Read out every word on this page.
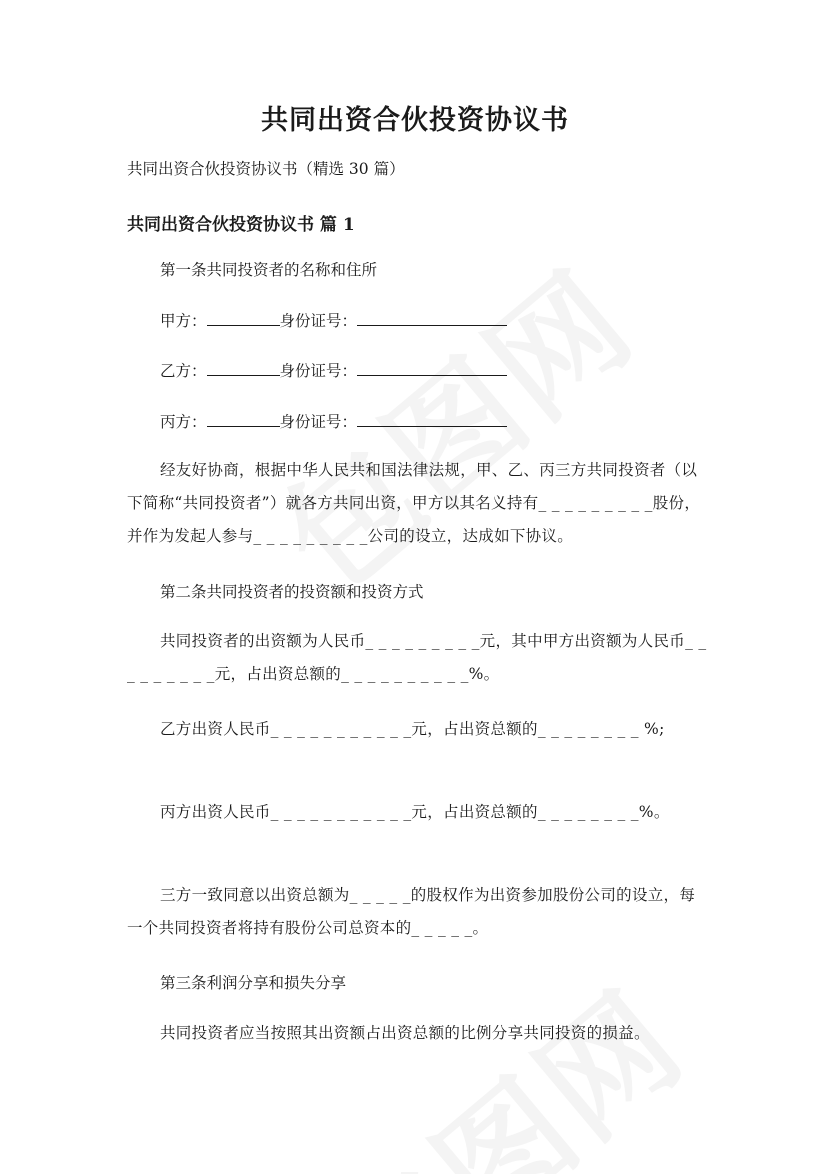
共同出资合伙投资协议书
共同出资合伙投资协议书（精选 30 篇）
共同出资合伙投资协议书 篇 1
第一条共同投资者的名称和住所
甲方：	身份证号：
乙方：	身份证号：
丙方：	身份证号：
经友好协商，根据中华人民共和国法律法规，甲、乙、丙三方共同投资者（以下简称“共同投资者”）就各方共同出资，甲方以其名义持有_ _ _ _ _ _ _ _ _股份，并作为发起人参与_ _ _ _ _ _ _ _ _公司的设立，达成如下协议。
第二条共同投资者的投资额和投资方式
共同投资者的出资额为人民币_ _ _ _ _ _ _ _ _元，其中甲方出资额为人民币_ _ _ _ _ _ _ _ _元，占出资总额的_ _ _ _ _ _ _ _ _ _%。
乙方出资人民币_ _ _ _ _ _ _ _ _ _ _元，占出资总额的_ _ _ _ _ _ _ _ %;
丙方出资人民币_ _ _ _ _ _ _ _ _ _ _元，占出资总额的_ _ _ _ _ _ _ _%。
三方一致同意以出资总额为_ _ _ _ _的股权作为出资参加股份公司的设立，每一个共同投资者将持有股份公司总资本的_ _ _ _ _。
第三条利润分享和损失分享
共同投资者应当按照其出资额占出资总额的比例分享共同投资的损益。
